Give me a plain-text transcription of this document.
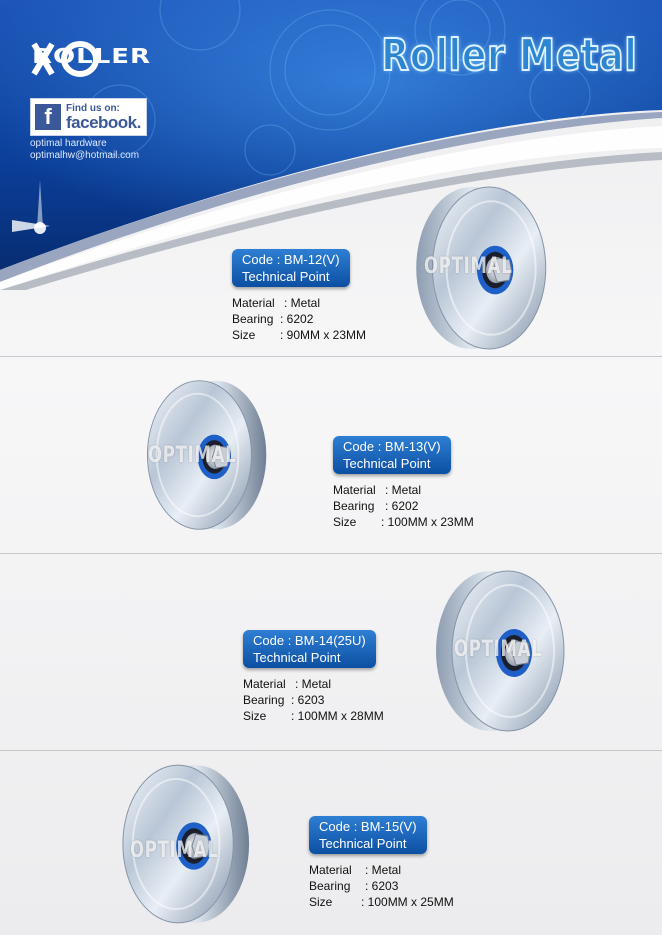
ROLLER	Roller Metal
f	Find us on:
facebook.
optimal hardware
optimalhw@hotmail.com
Code : BM-12(V)
Technical Point
Material : Metal
Bearing : 6202
Size	: 90MM x 23MM
OPTIMAL
OPTIMAL	Code : BM-13(V)
Technical Point
Material : Metal
Bearing : 6202
Size	: 100MM x 23MM
Code : BM-14(25U)
Technical Point
Material : Metal
Bearing : 6203
Size	: 100MM x 28MM
OPTIMAL
OPTIMAL
Code : BM-15(V)
Technical Point
Material	: Metal
Bearing	: 6203
Size	: 100MM x 25MM
